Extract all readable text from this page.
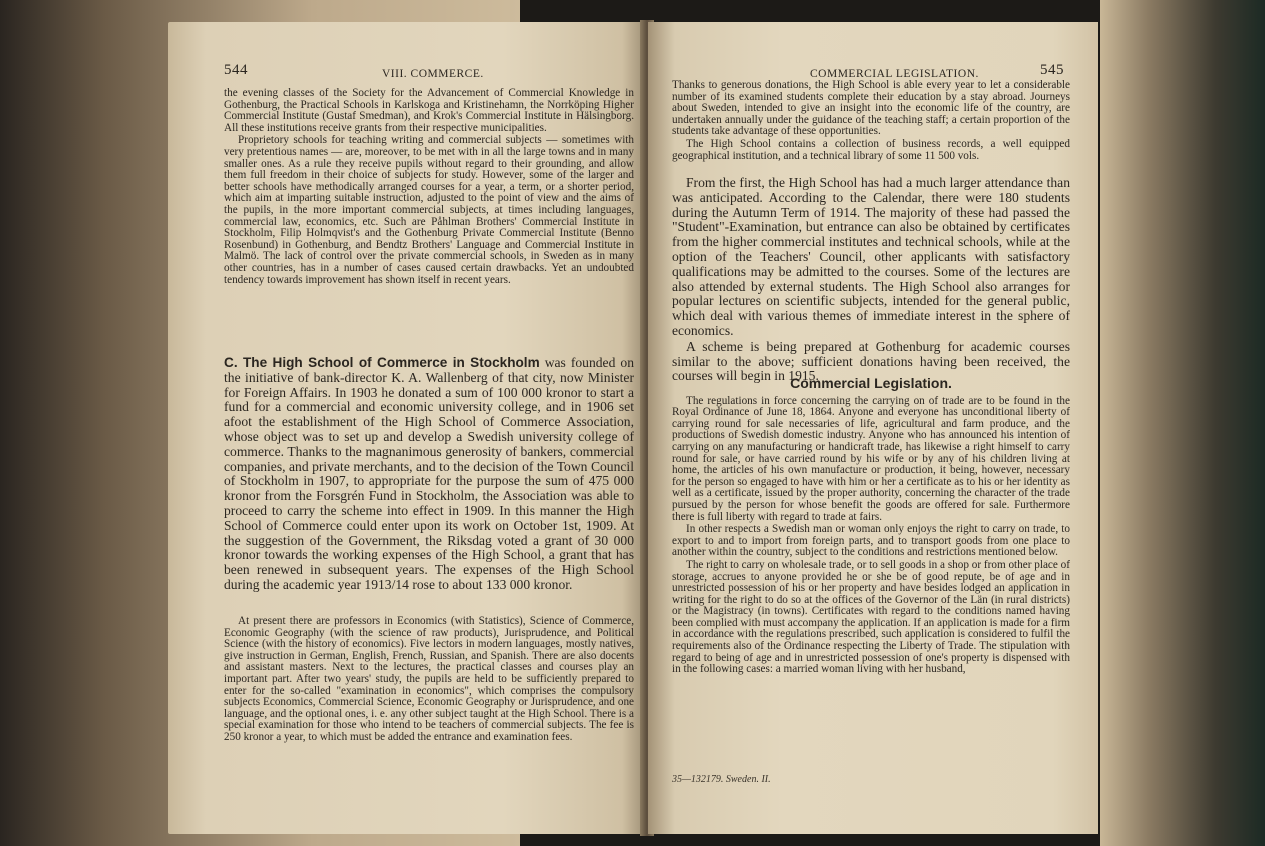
544	VIII. COMMERCE.

the evening classes of the Society for the Advancement of Commercial Knowledge in Gothenburg, the Practical Schools in Karlskoga and Kristinehamn, the Norrköping Higher Commercial Institute (Gustaf Smedman), and Krok's Commercial Institute in Hälsingborg. All these institutions receive grants from their respective municipalities.

Proprietory schools for teaching writing and commercial subjects — sometimes with very pretentious names — are, moreover, to be met with in all the large towns and in many smaller ones. As a rule they receive pupils without regard to their grounding, and allow them full freedom in their choice of subjects for study. However, some of the larger and better schools have methodically arranged courses for a year, a term, or a shorter period, which aim at imparting suitable instruction, adjusted to the point of view and the aims of the pupils, in the more important commercial subjects, at times including languages, commercial law, economics, etc. Such are Påhlman Brothers' Commercial Institute in Stockholm, Filip Holmqvist's and the Gothenburg Private Commercial Institute (Benno Rosenbund) in Gothenburg, and Bendtz Brothers' Language and Commercial Institute in Malmö. The lack of control over the private commercial schools, in Sweden as in many other countries, has in a number of cases caused certain drawbacks. Yet an undoubted tendency towards improvement has shown itself in recent years.

C. The High School of Commerce in Stockholm was founded on the initiative of bank-director K. A. Wallenberg of that city, now Minister for Foreign Affairs. In 1903 he donated a sum of 100 000 kronor to start a fund for a commercial and economic university college, and in 1906 set afoot the establishment of the High School of Commerce Association, whose object was to set up and develop a Swedish university college of commerce. Thanks to the magnanimous generosity of bankers, commercial companies, and private merchants, and to the decision of the Town Council of Stockholm in 1907, to appropriate for the purpose the sum of 475 000 kronor from the Forsgrén Fund in Stockholm, the Association was able to proceed to carry the scheme into effect in 1909. In this manner the High School of Commerce could enter upon its work on October 1st, 1909. At the suggestion of the Government, the Riksdag voted a grant of 30 000 kronor towards the working expenses of the High School, a grant that has been renewed in subsequent years. The expenses of the High School during the academic year 1913/14 rose to about 133 000 kronor.

At present there are professors in Economics (with Statistics), Science of Commerce, Economic Geography (with the science of raw products), Jurisprudence, and Political Science (with the history of economics). Five lectors in modern languages, mostly natives, give instruction in German, English, French, Russian, and Spanish. There are also docents and assistant masters. Next to the lectures, the practical classes and courses play an important part. After two years' study, the pupils are held to be sufficiently prepared to enter for the so-called "examination in economics", which comprises the compulsory subjects Economics, Commercial Science, Economic Geography or Jurisprudence, and one language, and the optional ones, i. e. any other subject taught at the High School. There is a special examination for those who intend to be teachers of commercial subjects. The fee is 250 kronor a year, to which must be added the entrance and examination fees.

COMMERCIAL LEGISLATION.	545

Thanks to generous donations, the High School is able every year to let a considerable number of its examined students complete their education by a stay abroad. Journeys about Sweden, intended to give an insight into the economic life of the country, are undertaken annually under the guidance of the teaching staff; a certain proportion of the students take advantage of these opportunities.

The High School contains a collection of business records, a well equipped geographical institution, and a technical library of some 11 500 vols.

From the first, the High School has had a much larger attendance than was anticipated. According to the Calendar, there were 180 students during the Autumn Term of 1914. The majority of these had passed the "Student"-Examination, but entrance can also be obtained by certificates from the higher commercial institutes and technical schools, while at the option of the Teachers' Council, other applicants with satisfactory qualifications may be admitted to the courses. Some of the lectures are also attended by external students. The High School also arranges for popular lectures on scientific subjects, intended for the general public, which deal with various themes of immediate interest in the sphere of economics.

A scheme is being prepared at Gothenburg for academic courses similar to the above; sufficient donations having been received, the courses will begin in 1915.

Commercial Legislation.

The regulations in force concerning the carrying on of trade are to be found in the Royal Ordinance of June 18, 1864. Anyone and everyone has unconditional liberty of carrying round for sale necessaries of life, agricultural and farm produce, and the productions of Swedish domestic industry. Anyone who has announced his intention of carrying on any manufacturing or handicraft trade, has likewise a right himself to carry round for sale, or have carried round by his wife or by any of his children living at home, the articles of his own manufacture or production, it being, however, necessary for the person so engaged to have with him or her a certificate as to his or her identity as well as a certificate, issued by the proper authority, concerning the character of the trade pursued by the person for whose benefit the goods are offered for sale. Furthermore there is full liberty with regard to trade at fairs.

In other respects a Swedish man or woman only enjoys the right to carry on trade, to export to and to import from foreign parts, and to transport goods from one place to another within the country, subject to the conditions and restrictions mentioned below.

The right to carry on wholesale trade, or to sell goods in a shop or from other place of storage, accrues to anyone provided he or she be of good repute, be of age and in unrestricted possession of his or her property and have besides lodged an application in writing for the right to do so at the offices of the Governor of the Län (in rural districts) or the Magistracy (in towns). Certificates with regard to the conditions named having been complied with must accompany the application. If an application is made for a firm in accordance with the regulations prescribed, such application is considered to fulfil the requirements also of the Ordinance respecting the Liberty of Trade. The stipulation with regard to being of age and in unrestricted possession of one's property is dispensed with in the following cases: a married woman living with her husband,

35—132179. Sweden. II.
